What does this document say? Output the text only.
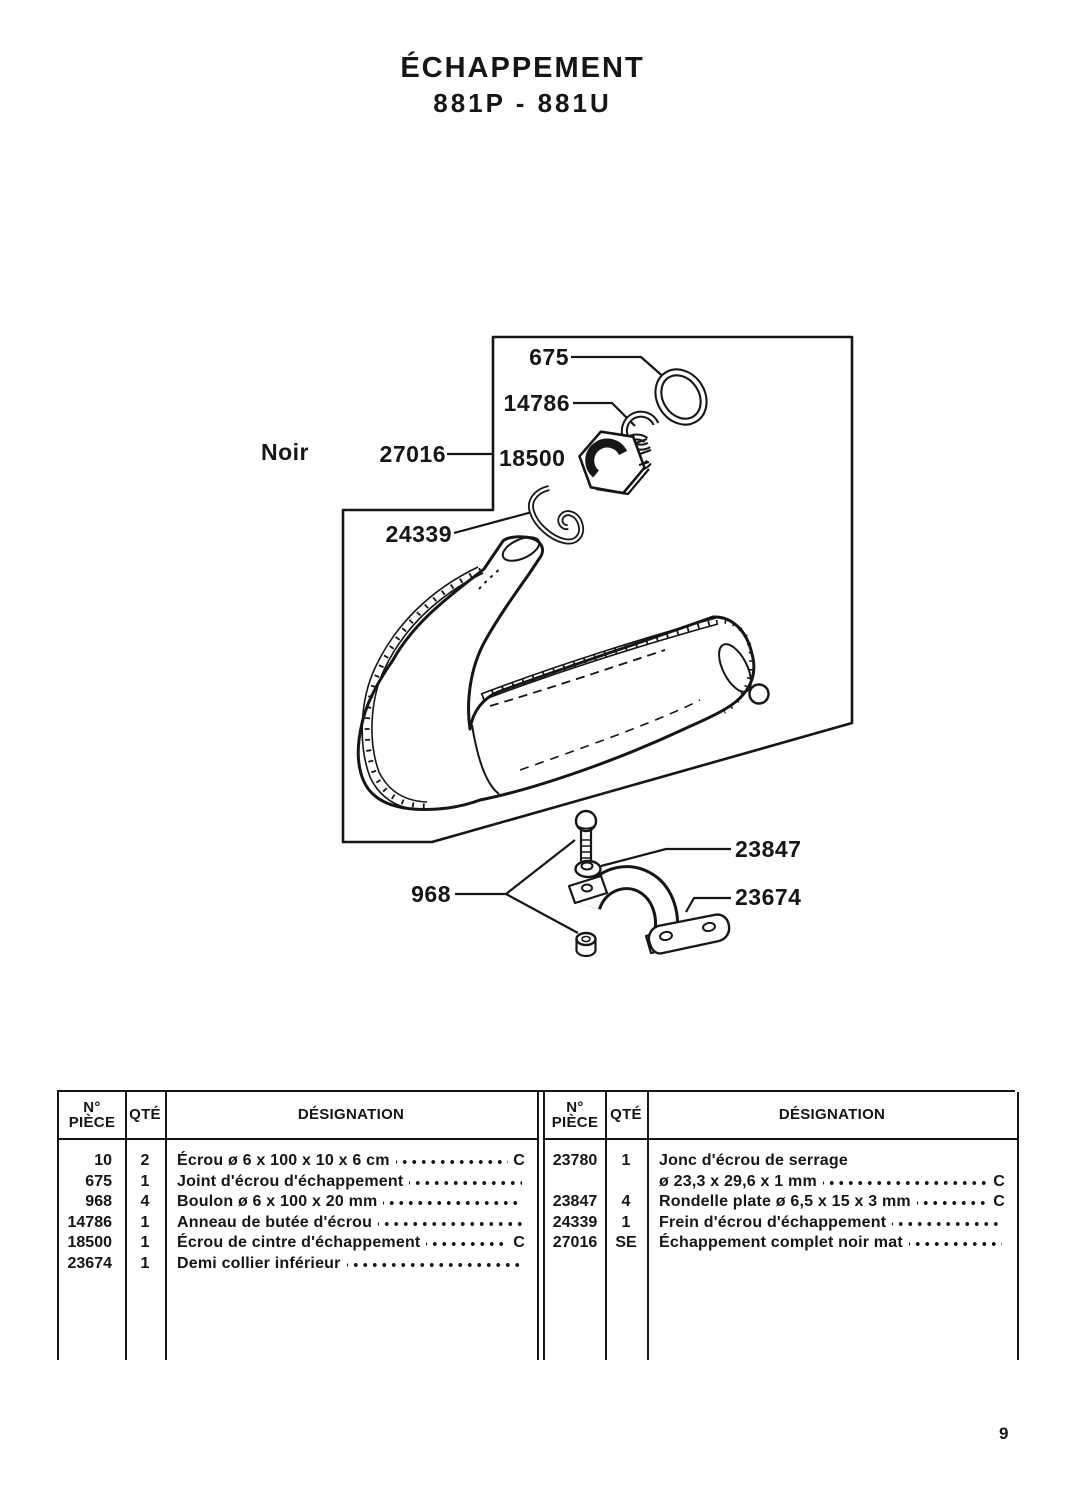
ÉCHAPPEMENT
881P - 881U
675
14786
18500
27016
Noir
24339
968
23847
23674
N°
PIÈCE QTÉ	DÉSIGNATION
10	2	Écrou ø 6 x 100 x 10 x 6 cm	C
675	1	Joint d'écrou d'échappement
968	4	Boulon ø 6 x 100 x 20 mm
14786	1	Anneau de butée d'écrou
18500	1	Écrou de cintre d'échappement	C
23674	1	Demi collier inférieur
N°
PIÈCE QTÉ	DÉSIGNATION
23780	1	Jonc d'écrou de serrage
ø 23,3 x 29,6 x 1 mm	C
23847	4	Rondelle plate ø 6,5 x 15 x 3 mm	C
24339	1	Frein d'écrou d'échappement
27016	SE	Échappement complet noir mat
9
